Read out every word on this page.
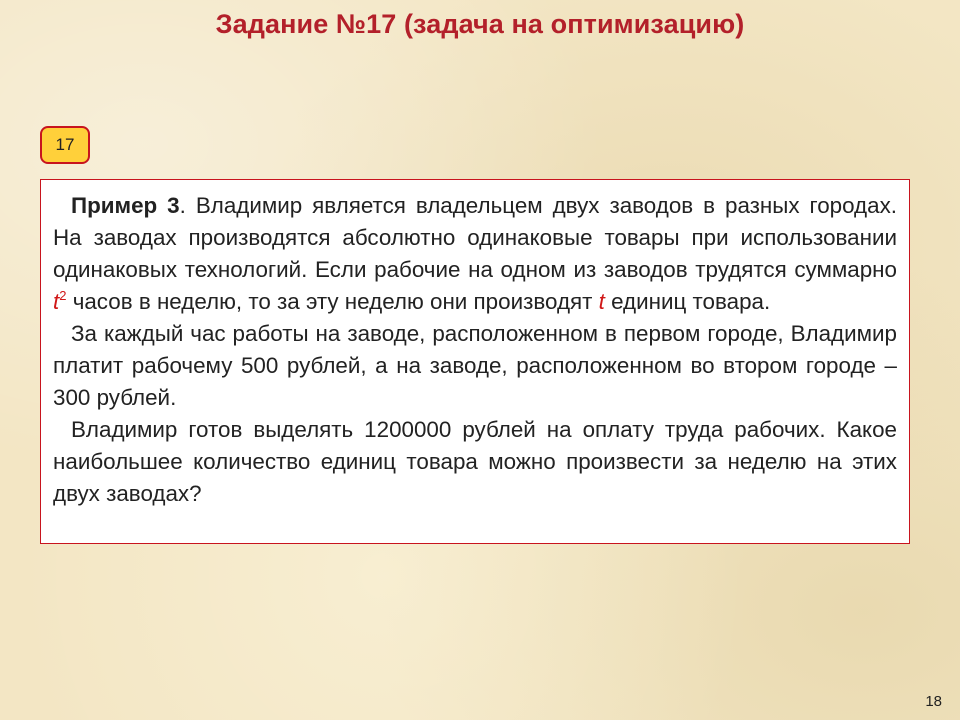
Задание №17 (задача на оптимизацию)
17

Пример 3. Владимир является владельцем двух заводов в разных городах. На заводах производятся абсолютно одинаковые товары при использовании одинаковых технологий. Если рабочие на одном из заводов трудятся суммарно $t^2$ часов в неделю, то за эту неделю они производят t единиц товара.

За каждый час работы на заводе, расположенном в первом городе, Владимир платит рабочему 500 рублей, а на заводе, расположенном во втором городе – 300 рублей.

Владимир готов выделять 1200000 рублей на оплату труда рабочих. Какое наибольшее количество единиц товара можно произвести за неделю на этих двух заводах?

18
